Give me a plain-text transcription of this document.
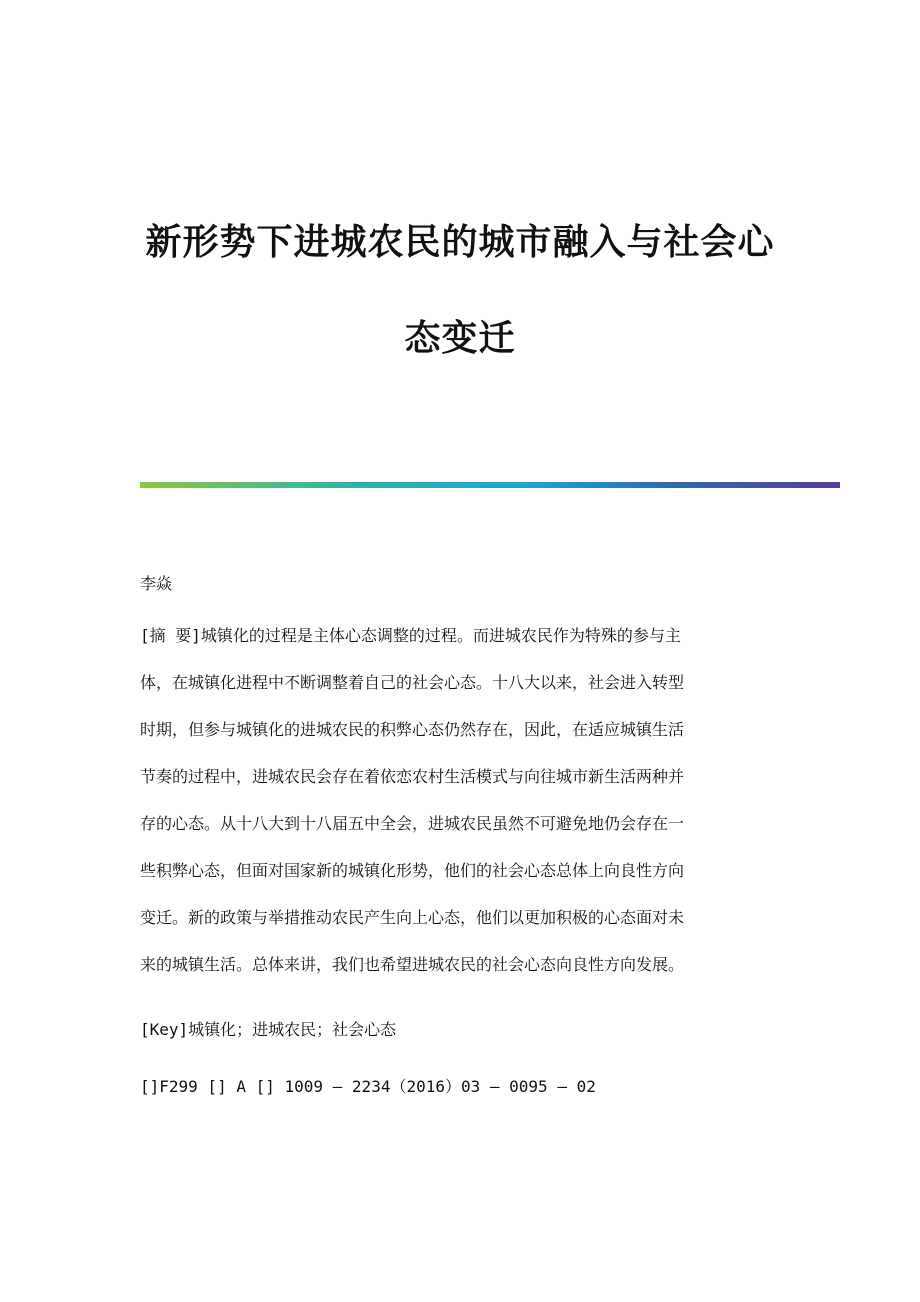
新形势下进城农民的城市融入与社会心
态变迁
李焱
[摘 要]城镇化的过程是主体心态调整的过程。而进城农民作为特殊的参与主
体，在城镇化进程中不断调整着自己的社会心态。十八大以来，社会进入转型
时期，但参与城镇化的进城农民的积弊心态仍然存在，因此，在适应城镇生活
节奏的过程中，进城农民会存在着依恋农村生活模式与向往城市新生活两种并
存的心态。从十八大到十八届五中全会，进城农民虽然不可避免地仍会存在一
些积弊心态，但面对国家新的城镇化形势，他们的社会心态总体上向良性方向
变迁。新的政策与举措推动农民产生向上心态，他们以更加积极的心态面对未
来的城镇生活。总体来讲，我们也希望进城农民的社会心态向良性方向发展。
[Key]城镇化；进城农民；社会心态
[]F299 [] A [] 1009 — 2234（2016）03 — 0095 — 02
